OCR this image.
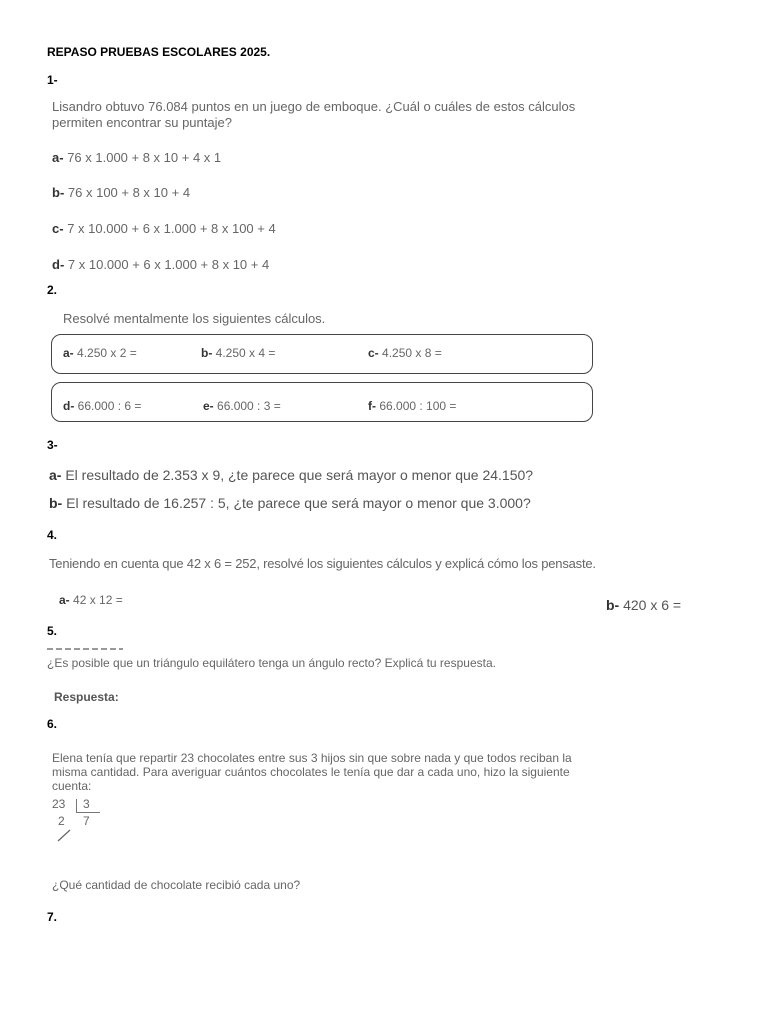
REPASO PRUEBAS ESCOLARES 2025.
1-
Lisandro obtuvo 76.084 puntos en un juego de emboque. ¿Cuál o cuáles de estos cálculos
permiten encontrar su puntaje?
a- 76 x 1.000 + 8 x 10 + 4 x 1
b- 76 x 100 + 8 x 10 + 4
c- 7 x 10.000 + 6 x 1.000 + 8 x 100 + 4
d- 7 x 10.000 + 6 x 1.000 + 8 x 10 + 4
2.
Resolvé mentalmente los siguientes cálculos.
a- 4.250 x 2 =	b- 4.250 x 4 =	c- 4.250 x 8 =
d- 66.000 : 6 =	e- 66.000 : 3 =	f- 66.000 : 100 =
3-
a- El resultado de 2.353 x 9, ¿te parece que será mayor o menor que 24.150?
b- El resultado de 16.257 : 5, ¿te parece que será mayor o menor que 3.000?
4.
Teniendo en cuenta que 42 x 6 = 252, resolvé los siguientes cálculos y explicá cómo los pensaste.
a- 42 x 12 =	b- 420 x 6 =
5.
¿Es posible que un triángulo equilátero tenga un ángulo recto? Explicá tu respuesta.
Respuesta:
6.
Elena tenía que repartir 23 chocolates entre sus 3 hijos sin que sobre nada y que todos reciban la
misma cantidad. Para averiguar cuántos chocolates le tenía que dar a cada uno, hizo la siguiente
cuenta:
23 3
2 7
¿Qué cantidad de chocolate recibió cada uno?
7.
